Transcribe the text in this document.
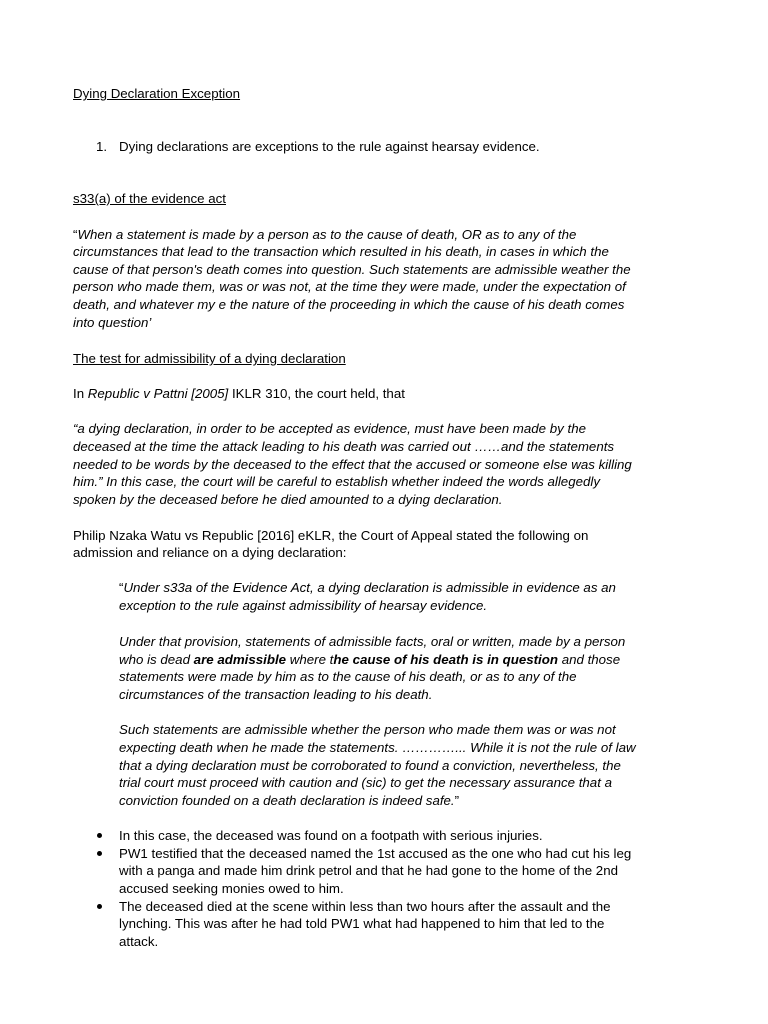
Dying Declaration Exception
1. Dying declarations are exceptions to the rule against hearsay evidence.
s33(a) of the evidence act
“When a statement is made by a person as to the cause of death, OR as to any of the
circumstances that lead to the transaction which resulted in his death, in cases in which the
cause of that person's death comes into question. Such statements are admissible weather the
person who made them, was or was not, at the time they were made, under the expectation of
death, and whatever my e the nature of the proceeding in which the cause of his death comes
into question’
The test for admissibility of a dying declaration
In Republic v Pattni [2005] IKLR 310, the court held, that
“a dying declaration, in order to be accepted as evidence, must have been made by the
deceased at the time the attack leading to his death was carried out ……and the statements
needed to be words by the deceased to the effect that the accused or someone else was killing
him.” In this case, the court will be careful to establish whether indeed the words allegedly
spoken by the deceased before he died amounted to a dying declaration.
Philip Nzaka Watu vs Republic [2016] eKLR, the Court of Appeal stated the following on
admission and reliance on a dying declaration:
“Under s33a of the Evidence Act, a dying declaration is admissible in evidence as an
exception to the rule against admissibility of hearsay evidence.
Under that provision, statements of admissible facts, oral or written, made by a person
who is dead are admissible where the cause of his death is in question and those
statements were made by him as to the cause of his death, or as to any of the
circumstances of the transaction leading to his death.
Such statements are admissible whether the person who made them was or was not
expecting death when he made the statements. …………... While it is not the rule of law
that a dying declaration must be corroborated to found a conviction, nevertheless, the
trial court must proceed with caution and (sic) to get the necessary assurance that a
conviction founded on a death declaration is indeed safe.”
In this case, the deceased was found on a footpath with serious injuries.
PW1 testified that the deceased named the 1st accused as the one who had cut his leg
with a panga and made him drink petrol and that he had gone to the home of the 2nd
accused seeking monies owed to him.
The deceased died at the scene within less than two hours after the assault and the
lynching. This was after he had told PW1 what had happened to him that led to the
attack.
